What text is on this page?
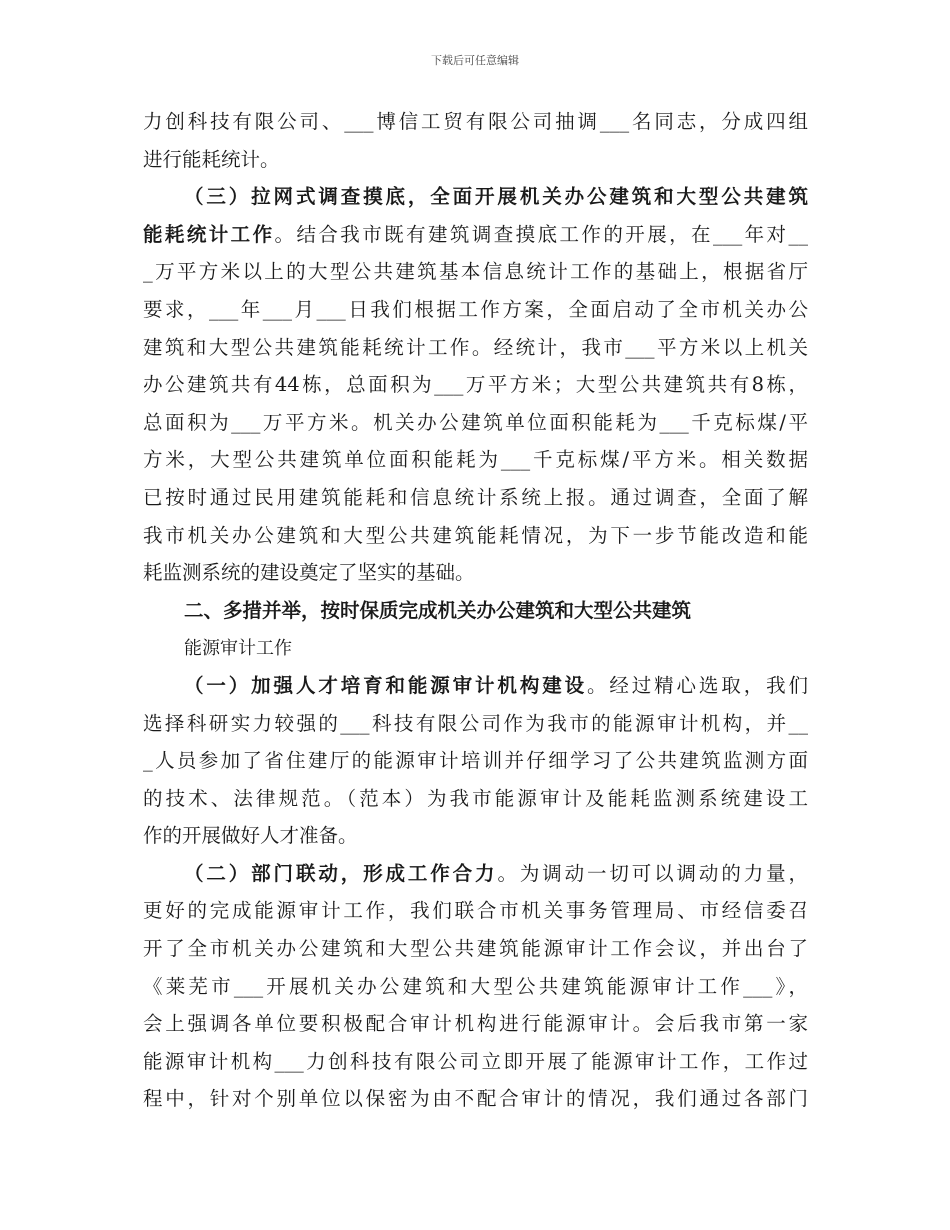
下载后可任意编辑
力创科技有限公司、___博信工贸有限公司抽调___名同志，分成四组
进行能耗统计。
（三）拉网式调查摸底，全面开展机关办公建筑和大型公共建筑
能耗统计工作。结合我市既有建筑调查摸底工作的开展，在___年对__
_万平方米以上的大型公共建筑基本信息统计工作的基础上，根据省厅
要求，___年___月___日我们根据工作方案，全面启动了全市机关办公
建筑和大型公共建筑能耗统计工作。经统计，我市___平方米以上机关
办公建筑共有44栋，总面积为___万平方米；大型公共建筑共有8栋，
总面积为___万平方米。机关办公建筑单位面积能耗为___千克标煤/平
方米，大型公共建筑单位面积能耗为___千克标煤/平方米。相关数据
已按时通过民用建筑能耗和信息统计系统上报。通过调查，全面了解
我市机关办公建筑和大型公共建筑能耗情况，为下一步节能改造和能
耗监测系统的建设奠定了坚实的基础。
二、多措并举，按时保质完成机关办公建筑和大型公共建筑
能源审计工作
（一）加强人才培育和能源审计机构建设。经过精心选取，我们
选择科研实力较强的___科技有限公司作为我市的能源审计机构，并__
_人员参加了省住建厅的能源审计培训并仔细学习了公共建筑监测方面
的技术、法律规范。（范本）为我市能源审计及能耗监测系统建设工
作的开展做好人才准备。
（二）部门联动，形成工作合力。为调动一切可以调动的力量，
更好的完成能源审计工作，我们联合市机关事务管理局、市经信委召
开了全市机关办公建筑和大型公共建筑能源审计工作会议，并出台了
《莱芜市___开展机关办公建筑和大型公共建筑能源审计工作___》，
会上强调各单位要积极配合审计机构进行能源审计。会后我市第一家
能源审计机构___力创科技有限公司立即开展了能源审计工作，工作过
程中，针对个别单位以保密为由不配合审计的情况，我们通过各部门
